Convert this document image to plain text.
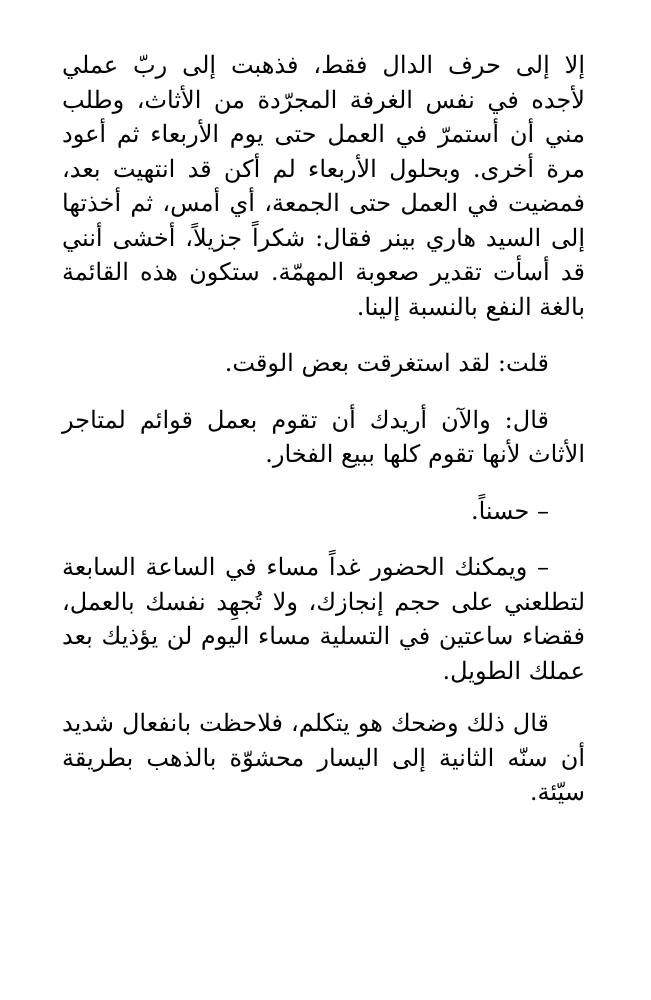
إلا إلى حرف الدال فقط، فذهبت إلى ربّ عملي لأجده في نفس الغرفة المجرّدة من الأثاث، وطلب مني أن أستمرّ في العمل حتى يوم الأربعاء ثم أعود مرة أخرى. وبحلول الأربعاء لم أكن قد انتهيت بعد، فمضيت في العمل حتى الجمعة، أي أمس، ثم أخذتها إلى السيد هاري بينر فقال: شكراً جزيلاً، أخشى أنني قد أسأت تقدير صعوبة المهمّة. ستكون هذه القائمة بالغة النفع بالنسبة إلينا.

قلت: لقد استغرقت بعض الوقت.

قال: والآن أريدك أن تقوم بعمل قوائم لمتاجر الأثاث لأنها تقوم كلها ببيع الفخار.

– حسناً.

– ويمكنك الحضور غداً مساء في الساعة السابعة لتطلعني على حجم إنجازك، ولا تُجهِد نفسك بالعمل، فقضاء ساعتين في التسلية مساء اليوم لن يؤذيك بعد عملك الطويل.

قال ذلك وضحك هو يتكلم، فلاحظت بانفعال شديد أن سنّه الثانية إلى اليسار محشوّة بالذهب بطريقة سيّئة.
